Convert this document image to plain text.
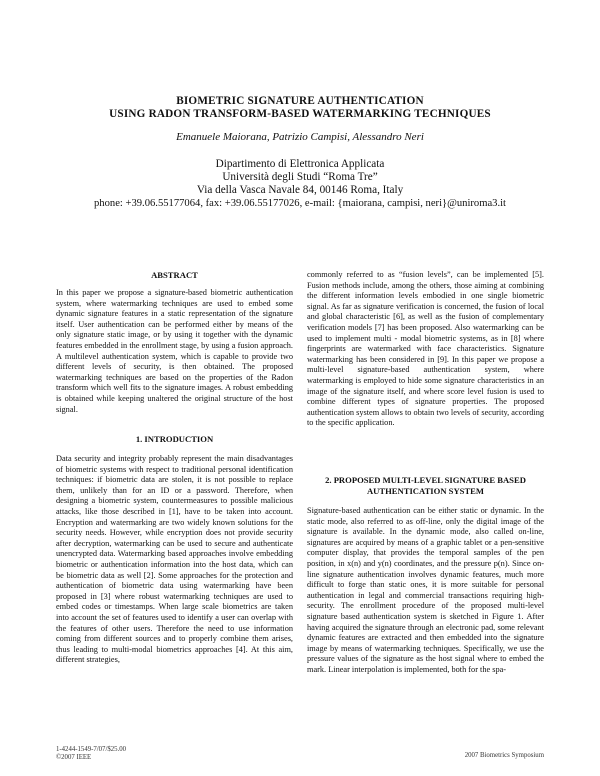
BIOMETRIC SIGNATURE AUTHENTICATION
USING RADON TRANSFORM-BASED WATERMARKING TECHNIQUES
Emanuele Maiorana, Patrizio Campisi, Alessandro Neri
Dipartimento di Elettronica Applicata
Università degli Studi “Roma Tre”
Via della Vasca Navale 84, 00146 Roma, Italy
phone: +39.06.55177064, fax: +39.06.55177026, e-mail: {maiorana, campisi, neri}@uniroma3.it
ABSTRACT

In this paper we propose a signature-based biometric authentication system, where watermarking techniques are used to embed some dynamic signature features in a static representation of the signature itself. User authentication can be performed either by means of the only signature static image, or by using it together with the dynamic features embedded in the enrollment stage, by using a fusion approach. A multilevel authentication system, which is capable to provide two different levels of security, is then obtained. The proposed watermarking techniques are based on the properties of the Radon transform which well fits to the signature images. A robust embedding is obtained while keeping unaltered the original structure of the host signal.

1. INTRODUCTION

Data security and integrity probably represent the main disadvantages of biometric systems with respect to traditional personal identification techniques: if biometric data are stolen, it is not possible to replace them, unlikely than for an ID or a password. Therefore, when designing a biometric system, countermeasures to possible malicious attacks, like those described in [1], have to be taken into account. Encryption and watermarking are two widely known solutions for the security needs. However, while encryption does not provide security after decryption, watermarking can be used to secure and authenticate unencrypted data. Watermarking based approaches involve embedding biometric or authentication information into the host data, which can be biometric data as well [2]. Some approaches for the protection and authentication of biometric data using watermarking have been proposed in [3] where robust watermarking techniques are used to embed codes or timestamps. When large scale biometrics are taken into account the set of features used to identify a user can overlap with the features of other users. Therefore the need to use information coming from different sources and to properly combine them arises, thus leading to multi-modal biometrics approaches [4]. At this aim, different strategies,

commonly referred to as “fusion levels”, can be implemented [5]. Fusion methods include, among the others, those aiming at combining the different information levels embodied in one single biometric signal. As far as signature verification is concerned, the fusion of local and global characteristic [6], as well as the fusion of complementary verification models [7] has been proposed. Also watermarking can be used to implement multi - modal biometric systems, as in [8] where fingerprints are watermarked with face characteristics. Signature watermarking has been considered in [9]. In this paper we propose a multi-level signature-based authentication system, where watermarking is employed to hide some signature characteristics in an image of the signature itself, and where score level fusion is used to combine different types of signature properties. The proposed authentication system allows to obtain two levels of security, according to the specific application.

2. PROPOSED MULTI-LEVEL SIGNATURE BASED
AUTHENTICATION SYSTEM

Signature-based authentication can be either static or dynamic. In the static mode, also referred to as off-line, only the digital image of the signature is available. In the dynamic mode, also called on-line, signatures are acquired by means of a graphic tablet or a pen-sensitive computer display, that provides the temporal samples of the pen position, in x(n) and y(n) coordinates, and the pressure p(n). Since on-line signature authentication involves dynamic features, much more difficult to forge than static ones, it is more suitable for personal authentication in legal and commercial transactions requiring high-security. The enrollment procedure of the proposed multi-level signature based authentication system is sketched in Figure 1. After having acquired the signature through an electronic pad, some relevant dynamic features are extracted and then embedded into the signature image by means of watermarking techniques. Specifically, we use the pressure values of the signature as the host signal where to embed the mark. Linear interpolation is implemented, both for the spa-

1-4244-1549-7/07/$25.00
©2007 IEEE	2007 Biometrics Symposium
